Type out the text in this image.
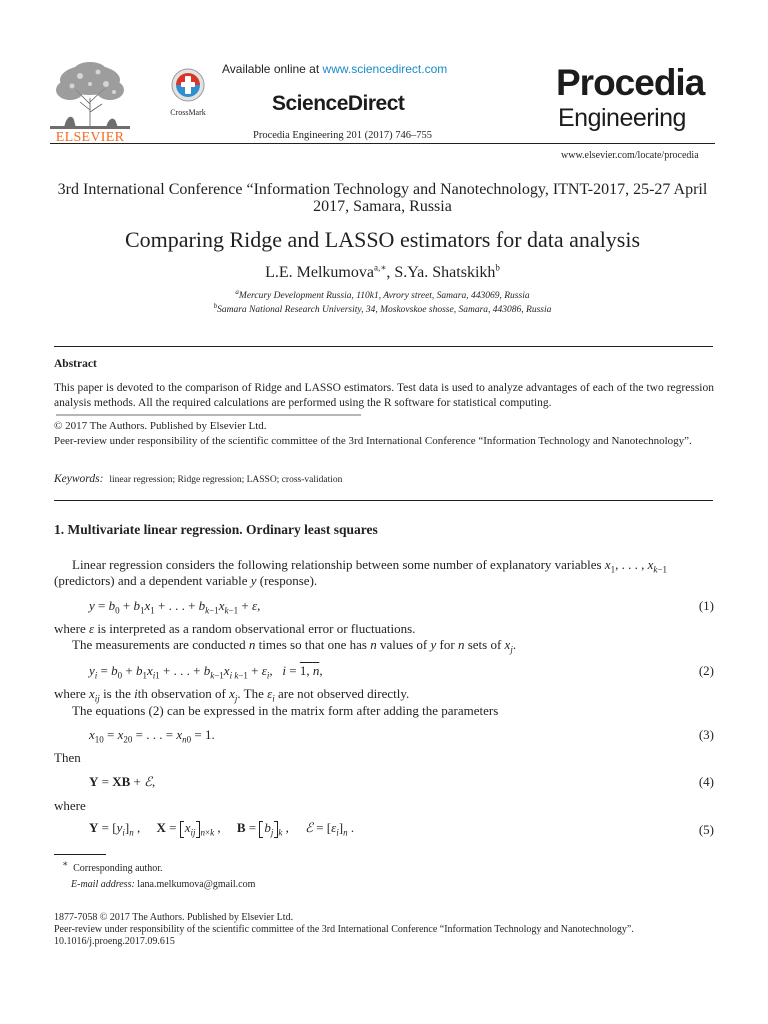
ELSEVIER
CrossMark
Available online at www.sciencedirect.com
ScienceDirect
Procedia Engineering 201 (2017) 746–755
Procedia
Engineering
www.elsevier.com/locate/procedia
3rd International Conference “Information Technology and Nanotechnology, ITNT-2017, 25-27 April 2017, Samara, Russia
Comparing Ridge and LASSO estimators for data analysis
L.E. Melkumova$^{a,∗}$, S.Ya. Shatskikh$^b$
$^a$Mercury Development Russia, 110k1, Avrory street, Samara, 443069, Russia
$^b$Samara National Research University, 34, Moskovskoe shosse, Samara, 443086, Russia
Abstract
This paper is devoted to the comparison of Ridge and LASSO estimators. Test data is used to analyze advantages of each of the two regression analysis methods. All the required calculations are performed using the R software for statistical computing.
© 2017 The Authors. Published by Elsevier Ltd.
Peer-review under responsibility of the scientific committee of the 3rd International Conference “Information Technology and Nanotechnology”.
Keywords: linear regression; Ridge regression; LASSO; cross-validation
1. Multivariate linear regression. Ordinary least squares
Linear regression considers the following relationship between some number of explanatory variables $x_1$, . . . , $x_{k-1}$ (predictors) and a dependent variable y (response).
$y = b_0 + b_1x_1$ + . . . + $b_{k-1}x_{k-1} + \varepsilon$,	(1)
where ε is interpreted as a random observational error or fluctuations.
The measurements are conducted n times so that one has n values of y for n sets of $x_j$.
$y_i = b_0 + b_1x_{i1}$ + . . . + $b_{k-1}x_{i k-1} + \varepsilon_i$,   i = 1, n,	(2)
where $x_{ij}$ is the ith observation of $x_j$. The $\varepsilon_i$ are not observed directly.
The equations (2) can be expressed in the matrix form after adding the parameters
$x_{10} = x_{20}$ = . . . = $x_{n0} = 1$.	(3)
Then
Y = XB + ℰ,	(4)
where
$Y = [y_i]_n$ ,     $X = x_{ij}$ $_{n\times k}$ ,     $B = b_j$ $_k$ ,     ℰ = $[\varepsilon_i]_n$ .	(5)
∗ Corresponding author.
E-mail address: lana.melkumova@gmail.com
1877-7058 © 2017 The Authors. Published by Elsevier Ltd.
Peer-review under responsibility of the scientific committee of the 3rd International Conference “Information Technology and Nanotechnology”.
10.1016/j.proeng.2017.09.615
